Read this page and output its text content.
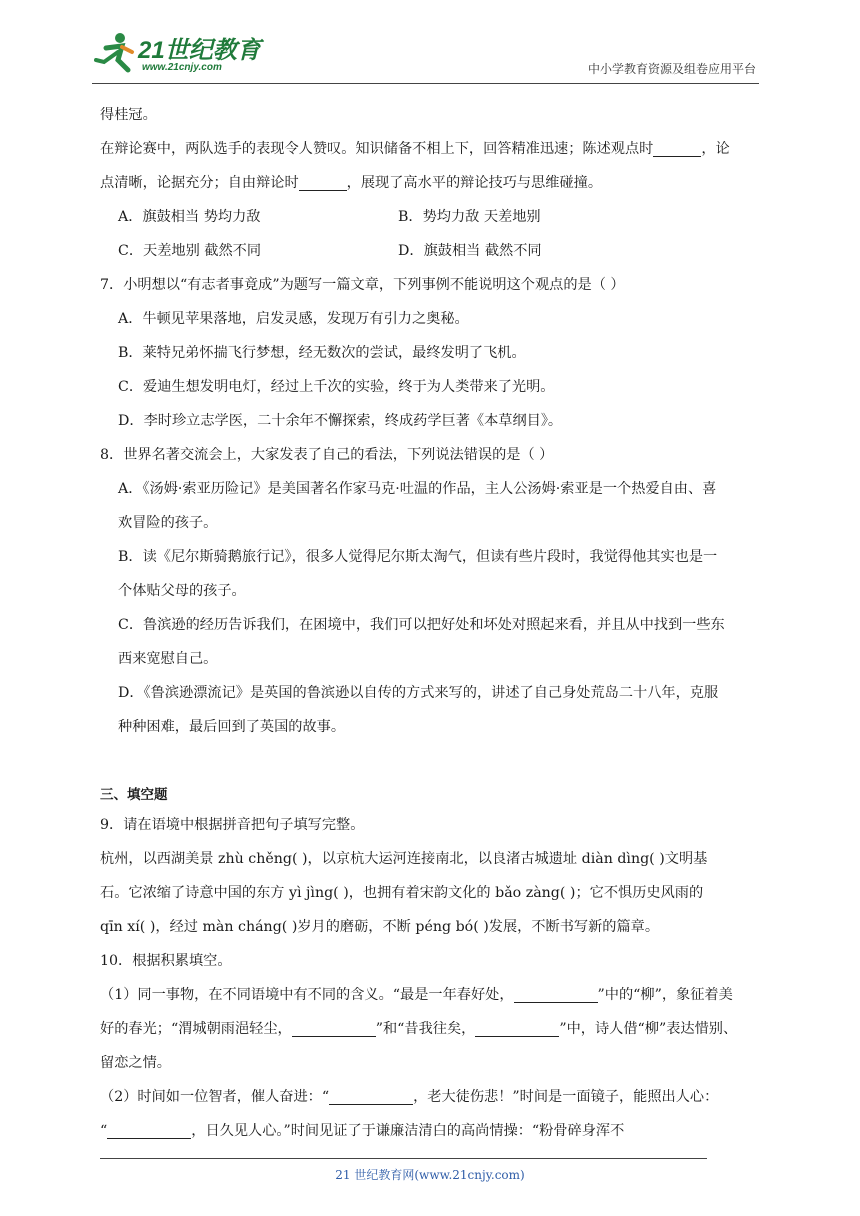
21世纪教育
www.21cnjy.com	中小学教育资源及组卷应用平台
得桂冠。
在辩论赛中，两队选手的表现令人赞叹。知识储备不相上下，回答精准迅速；陈述观点时	，论
点清晰，论据充分；自由辩论时	，展现了高水平的辩论技巧与思维碰撞。
A．旗鼓相当 势均力敌	B．势均力敌 天差地别
C．天差地别 截然不同	D．旗鼓相当 截然不同
7．小明想以“有志者事竟成”为题写一篇文章，下列事例不能说明这个观点的是（ ）
A．牛顿见苹果落地，启发灵感，发现万有引力之奥秘。
B．莱特兄弟怀揣飞行梦想，经无数次的尝试，最终发明了飞机。
C．爱迪生想发明电灯，经过上千次的实验，终于为人类带来了光明。
D．李时珍立志学医，二十余年不懈探索，终成药学巨著《本草纲目》。
8．世界名著交流会上，大家发表了自己的看法，下列说法错误的是（ ）
A．《汤姆·索亚历险记》是美国著名作家马克·吐温的作品，主人公汤姆·索亚是一个热爱自由、喜
欢冒险的孩子。
B．读《尼尔斯骑鹅旅行记》，很多人觉得尼尔斯太淘气，但读有些片段时，我觉得他其实也是一
个体贴父母的孩子。
C．鲁滨逊的经历告诉我们，在困境中，我们可以把好处和坏处对照起来看，并且从中找到一些东
西来宽慰自己。
D．《鲁滨逊漂流记》是英国的鲁滨逊以自传的方式来写的，讲述了自己身处荒岛二十八年，克服
种种困难，最后回到了英国的故事。
三、填空题
9．请在语境中根据拼音把句子填写完整。
杭州，以西湖美景 zhù chěng( )，以京杭大运河连接南北，以良渚古城遗址 diàn dìng( )文明基
石。它浓缩了诗意中国的东方 yì jìng( )，也拥有着宋韵文化的 bǎo zàng( )；它不惧历史风雨的
qīn xí( )，经过 màn cháng( )岁月的磨砺，不断 péng bó( )发展，不断书写新的篇章。
10．根据积累填空。
（1）同一事物，在不同语境中有不同的含义。“最是一年春好处，	”中的“柳”，象征着美
好的春光；“渭城朝雨浥轻尘，	”和“昔我往矣，	”中，诗人借“柳”表达惜别、
留恋之情。
（2）时间如一位智者，催人奋进：“	，老大徒伤悲！”时间是一面镜子，能照出人心：
“	，日久见人心。”时间见证了于谦廉洁清白的高尚情操：“粉骨碎身浑不
21 世纪教育网(www.21cnjy.com)
